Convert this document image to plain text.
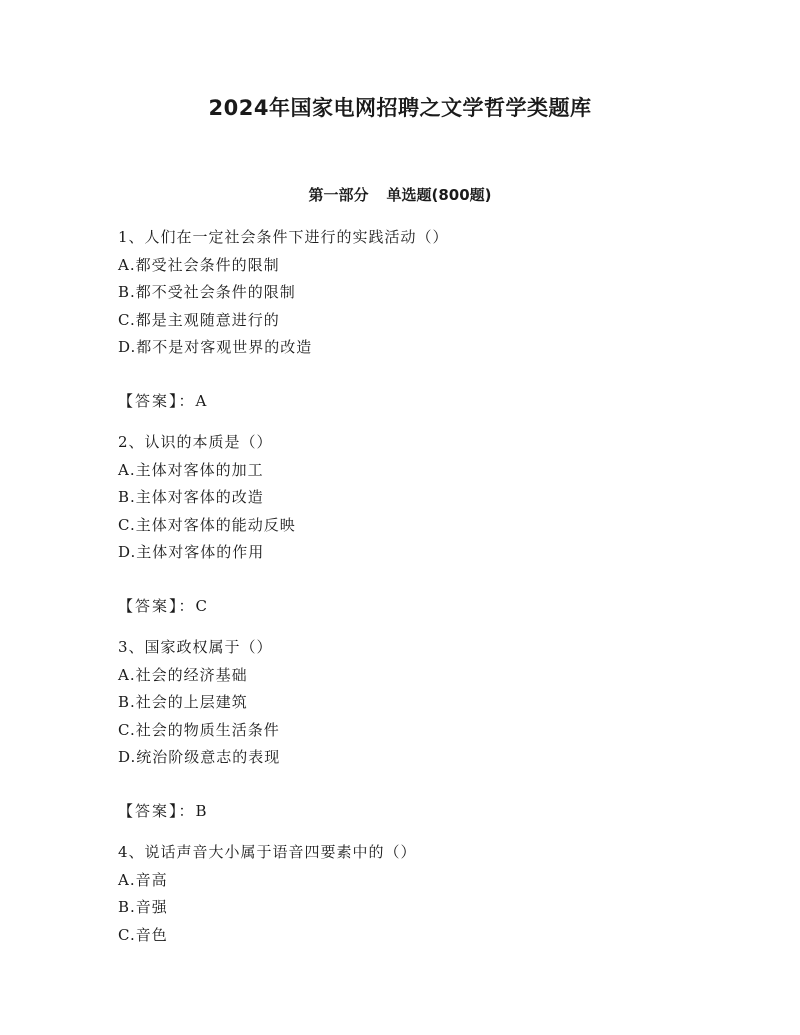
2024年国家电网招聘之文学哲学类题库
第一部分 单选题(800题)
1、人们在一定社会条件下进行的实践活动（）
A.都受社会条件的限制
B.都不受社会条件的限制
C.都是主观随意进行的
D.都不是对客观世界的改造
【答案】：A
2、认识的本质是（）
A.主体对客体的加工
B.主体对客体的改造
C.主体对客体的能动反映
D.主体对客体的作用
【答案】：C
3、国家政权属于（）
A.社会的经济基础
B.社会的上层建筑
C.社会的物质生活条件
D.统治阶级意志的表现
【答案】：B
4、说话声音大小属于语音四要素中的（）
A.音高
B.音强
C.音色
